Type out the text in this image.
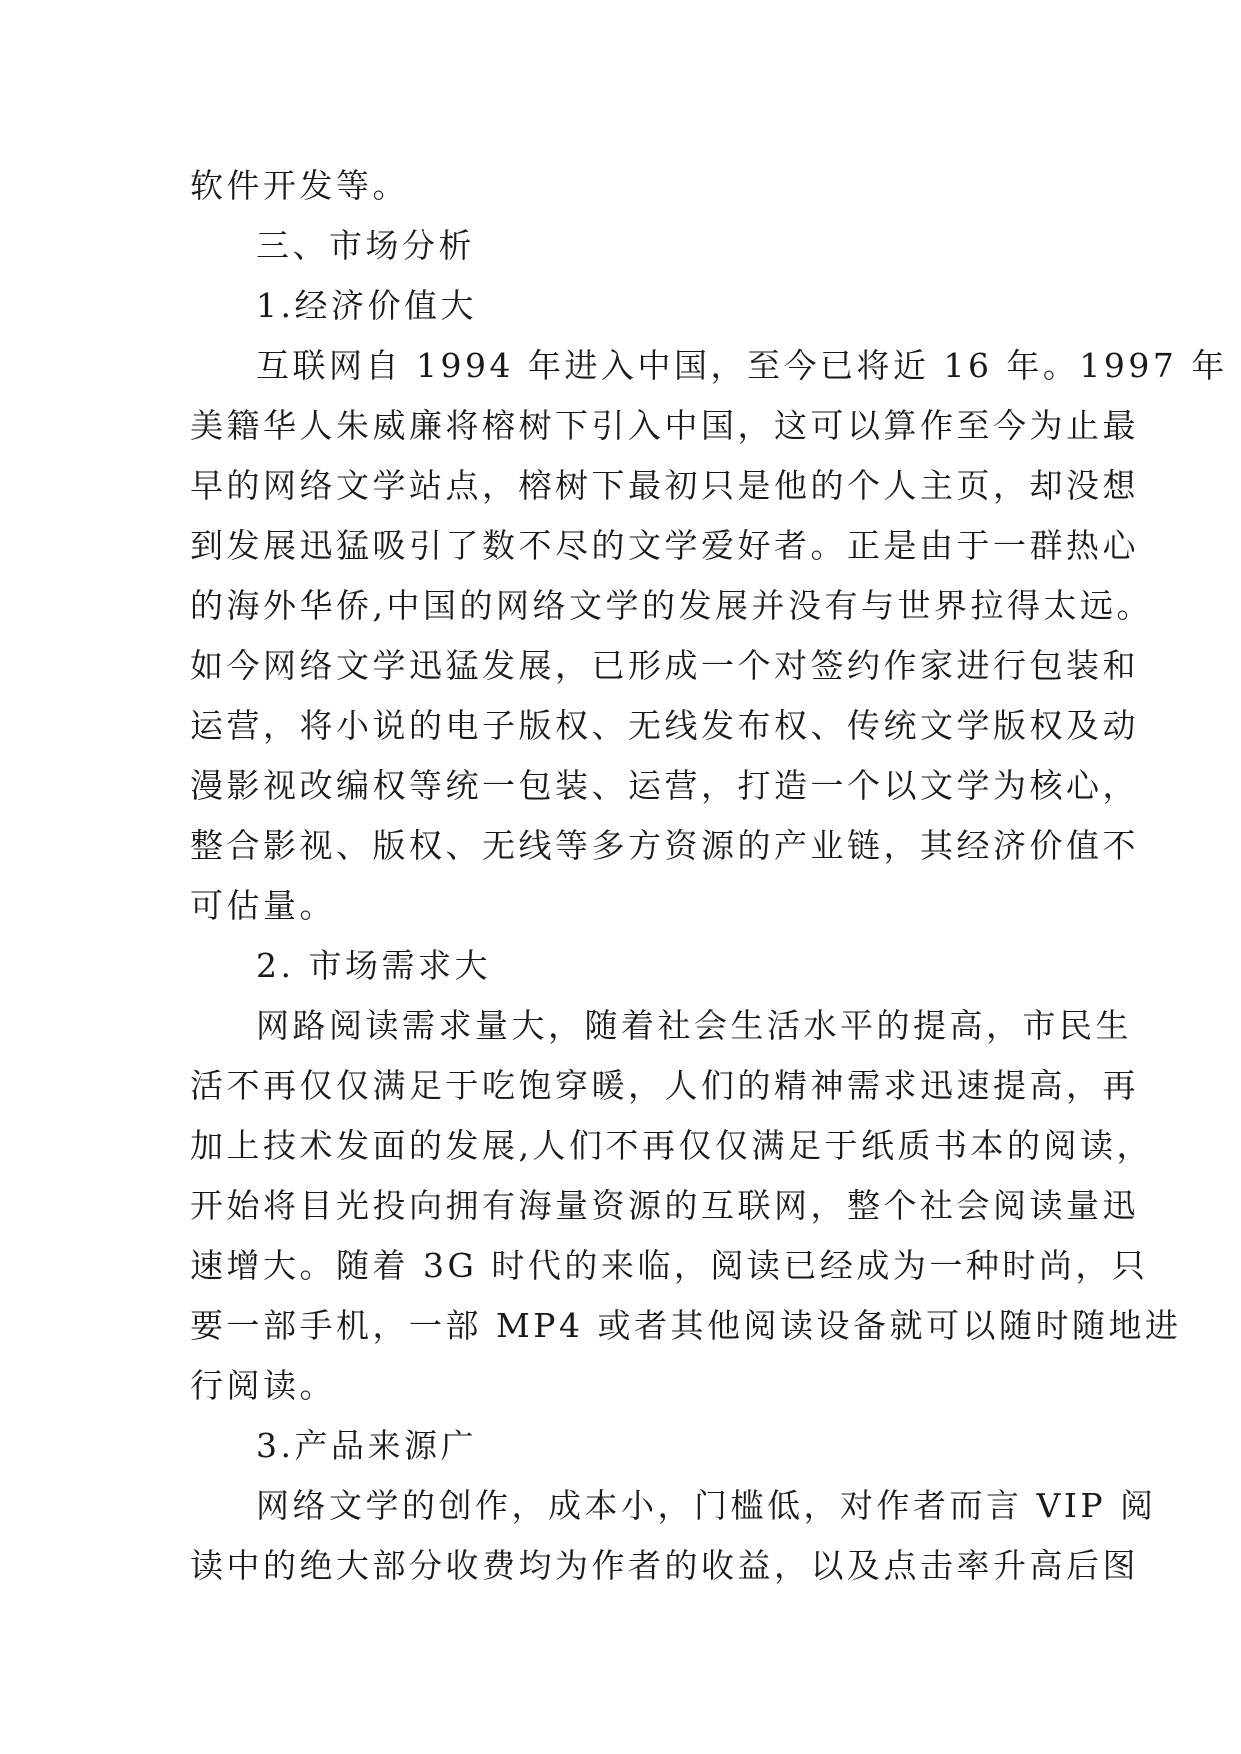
软件开发等。
三、市场分析
1.经济价值大
互联网自 1994 年进入中国，至今已将近 16 年。1997 年
美籍华人朱威廉将榕树下引入中国，这可以算作至今为止最
早的网络文学站点，榕树下最初只是他的个人主页，却没想
到发展迅猛吸引了数不尽的文学爱好者。正是由于一群热心
的海外华侨,中国的网络文学的发展并没有与世界拉得太远。
如今网络文学迅猛发展，已形成一个对签约作家进行包装和
运营，将小说的电子版权、无线发布权、传统文学版权及动
漫影视改编权等统一包装、运营，打造一个以文学为核心，
整合影视、版权、无线等多方资源的产业链，其经济价值不
可估量。
2. 市场需求大
网路阅读需求量大，随着社会生活水平的提高，市民生
活不再仅仅满足于吃饱穿暖，人们的精神需求迅速提高，再
加上技术发面的发展,人们不再仅仅满足于纸质书本的阅读，
开始将目光投向拥有海量资源的互联网，整个社会阅读量迅
速增大。随着 3G 时代的来临，阅读已经成为一种时尚，只
要一部手机，一部 MP4 或者其他阅读设备就可以随时随地进
行阅读。
3.产品来源广
网络文学的创作，成本小，门槛低，对作者而言 VIP 阅
读中的绝大部分收费均为作者的收益，以及点击率升高后图
